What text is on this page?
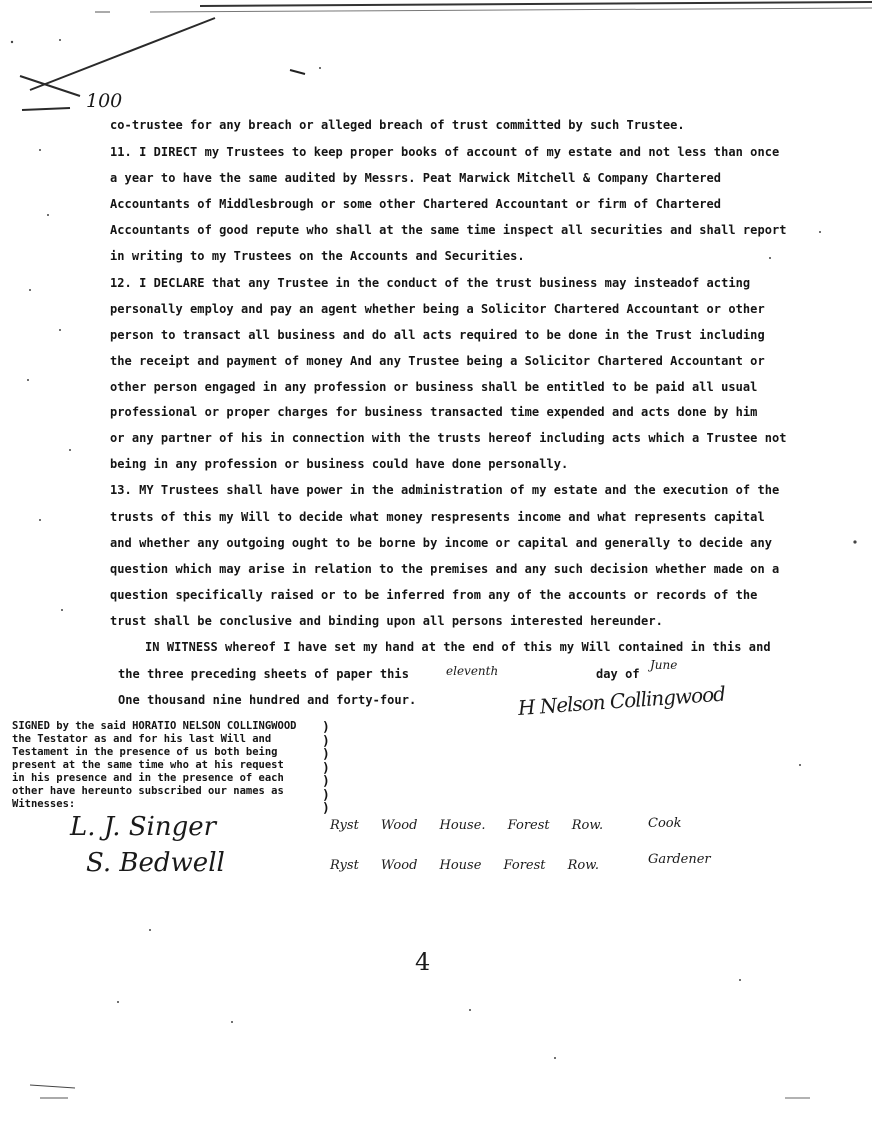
100
co-trustee for any breach or alleged breach of trust committed by such Trustee.
11. I DIRECT my Trustees to keep proper books of account of my estate and not less than once
a year to have the same audited by Messrs. Peat Marwick Mitchell & Company Chartered
Accountants of Middlesbrough or some other Chartered Accountant or firm of Chartered
Accountants of good repute who shall at the same time inspect all securities and shall report
in writing to my Trustees on the Accounts and Securities.
12. I DECLARE that any Trustee in the conduct of the trust business may insteadof acting
personally employ and pay an agent whether being a Solicitor Chartered Accountant or other
person to transact all business and do all acts required to be done in the Trust including
the receipt and payment of money And any Trustee being a Solicitor Chartered Accountant or
other person engaged in any profession or business shall be entitled to be paid all usual
professional or proper charges for business transacted time expended and acts done by him
or any partner of his in connection with the trusts hereof including acts which a Trustee not
being in any profession or business could have done personally.
13. MY Trustees shall have power in the administration of my estate and the execution of the
trusts of this my Will to decide what money respresents income and what represents capital
and whether any outgoing ought to be borne by income or capital and generally to decide any
question which may arise in relation to the premises and any such decision whether made on a
question specifically raised or to be inferred from any of the accounts or records of the
trust shall be conclusive and binding upon all persons interested hereunder.
IN WITNESS whereof I have set my hand at the end of this my Will contained in this and
the three preceding sheets of paper this	eleventh	day of
June
One thousand nine hundred and forty-four.	H Nelson Collingwood
SIGNED by the said HORATIO NELSON COLLINGWOOD
the Testator as and for his last Will and
Testament in the presence of us both being
present at the same time who at his request
in his presence and in the presence of each
other have hereunto subscribed our names as
Witnesses:
)
)
)
)
)
)
)
L. J. Singer	Ryst Wood House. Forest Row.	Cook
S. Bedwell	Ryst Wood House Forest Row.	Gardener
4
